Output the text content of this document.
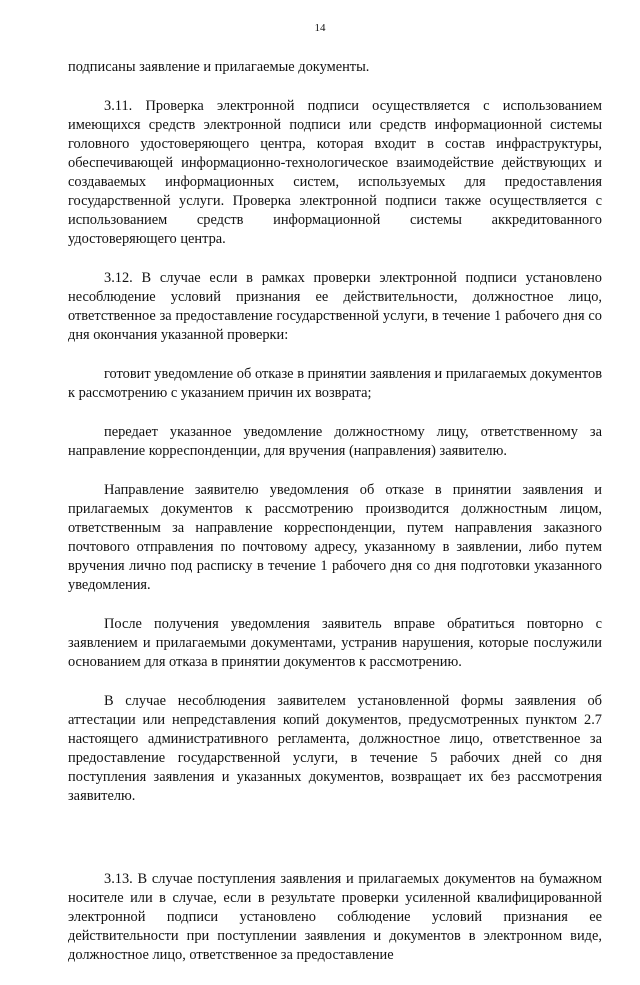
14

подписаны заявление и прилагаемые документы.

3.11. Проверка электронной подписи осуществляется с использованием имеющихся средств электронной подписи или средств информационной системы головного удостоверяющего центра, которая входит в состав инфраструктуры, обеспечивающей информационно-технологическое взаимодействие действующих и создаваемых информационных систем, используемых для предоставления государственной услуги. Проверка электронной подписи также осуществляется с использованием средств информационной системы аккредитованного удостоверяющего центра.

3.12. В случае если в рамках проверки электронной подписи установлено несоблюдение условий признания ее действительности, должностное лицо, ответственное за предоставление государственной услуги, в течение 1 рабочего дня со дня окончания указанной проверки:

готовит уведомление об отказе в принятии заявления и прилагаемых документов к рассмотрению с указанием причин их возврата;

передает указанное уведомление должностному лицу, ответственному за направление корреспонденции, для вручения (направления) заявителю.

Направление заявителю уведомления об отказе в принятии заявления и прилагаемых документов к рассмотрению производится должностным лицом, ответственным за направление корреспонденции, путем направления заказного почтового отправления по почтовому адресу, указанному в заявлении, либо путем вручения лично под расписку в течение 1 рабочего дня со дня подготовки указанного уведомления.

После получения уведомления заявитель вправе обратиться повторно с заявлением и прилагаемыми документами, устранив нарушения, которые послужили основанием для отказа в принятии документов к рассмотрению.

В случае несоблюдения заявителем установленной формы заявления об аттестации или непредставления копий документов, предусмотренных пунктом 2.7 настоящего административного регламента, должностное лицо, ответственное за предоставление государственной услуги, в течение 5 рабочих дней со дня поступления заявления и указанных документов, возвращает их без рассмотрения заявителю.

3.13. В случае поступления заявления и прилагаемых документов на бумажном носителе или в случае, если в результате проверки усиленной квалифицированной электронной подписи установлено соблюдение условий признания ее действительности при поступлении заявления и документов в электронном виде, должностное лицо, ответственное за предоставление
